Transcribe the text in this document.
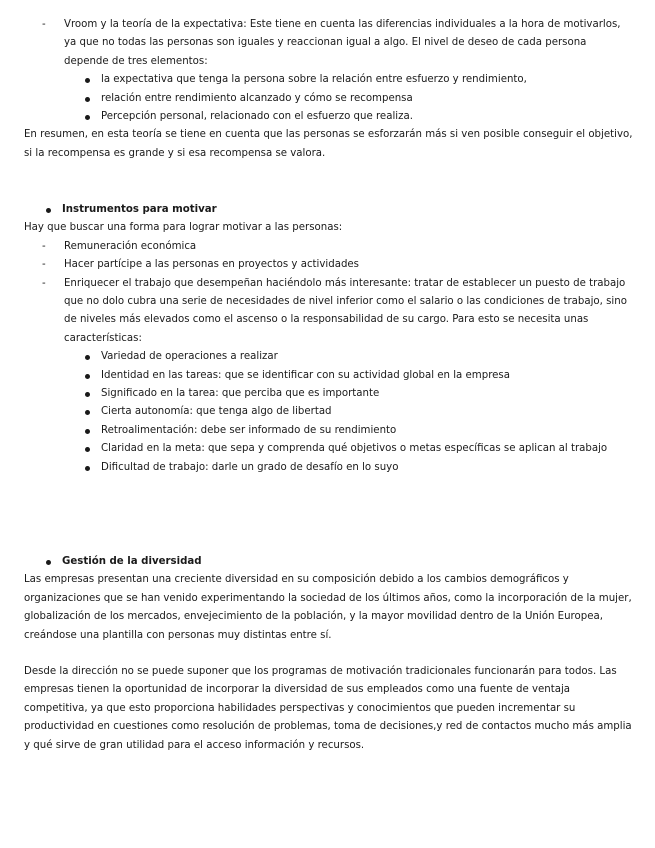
- Vroom y la teoría de la expectativa: Este tiene en cuenta las diferencias individuales a la hora de motivarlos, ya que no todas las personas son iguales y reaccionan igual a algo. El nivel de deseo de cada persona depende de tres elementos:

la expectativa que tenga la persona sobre la relación entre esfuerzo y rendimiento,
relación entre rendimiento alcanzado y cómo se recompensa
Percepción personal, relacionado con el esfuerzo que realiza.

En resumen, en esta teoría se tiene en cuenta que las personas se esforzarán más si ven posible conseguir el objetivo, si la recompensa es grande y si esa recompensa se valora.

Instrumentos para motivar

Hay que buscar una forma para lograr motivar a las personas:

- Remuneración económica

- Hacer partícipe a las personas en proyectos y actividades

- Enriquecer el trabajo que desempeñan haciéndolo más interesante: tratar de establecer un puesto de trabajo que no dolo cubra una serie de necesidades de nivel inferior como el salario o las condiciones de trabajo, sino de niveles más elevados como el ascenso o la responsabilidad de su cargo. Para esto se necesita unas características:

Variedad de operaciones a realizar
Identidad en las tareas: que se identificar con su actividad global en la empresa
Significado en la tarea: que perciba que es importante
Cierta autonomía: que tenga algo de libertad
Retroalimentación: debe ser informado de su rendimiento
Claridad en la meta: que sepa y comprenda qué objetivos o metas específicas se aplican al trabajo
Dificultad de trabajo: darle un grado de desafío en lo suyo
Gestión de la diversidad

Las empresas presentan una creciente diversidad en su composición debido a los cambios demográficos y organizaciones que se han venido experimentando la sociedad de los últimos años, como la incorporación de la mujer, globalización de los mercados, envejecimiento de la población, y la mayor movilidad dentro de la Unión Europea, creándose una plantilla con personas muy distintas entre sí.

Desde la dirección no se puede suponer que los programas de motivación tradicionales funcionarán para todos. Las empresas tienen la oportunidad de incorporar la diversidad de sus empleados como una fuente de ventaja competitiva, ya que esto proporciona habilidades perspectivas y conocimientos que pueden incrementar su productividad en cuestiones como resolución de problemas, toma de decisiones,y red de contactos mucho más amplia y qué sirve de gran utilidad para el acceso información y recursos.
